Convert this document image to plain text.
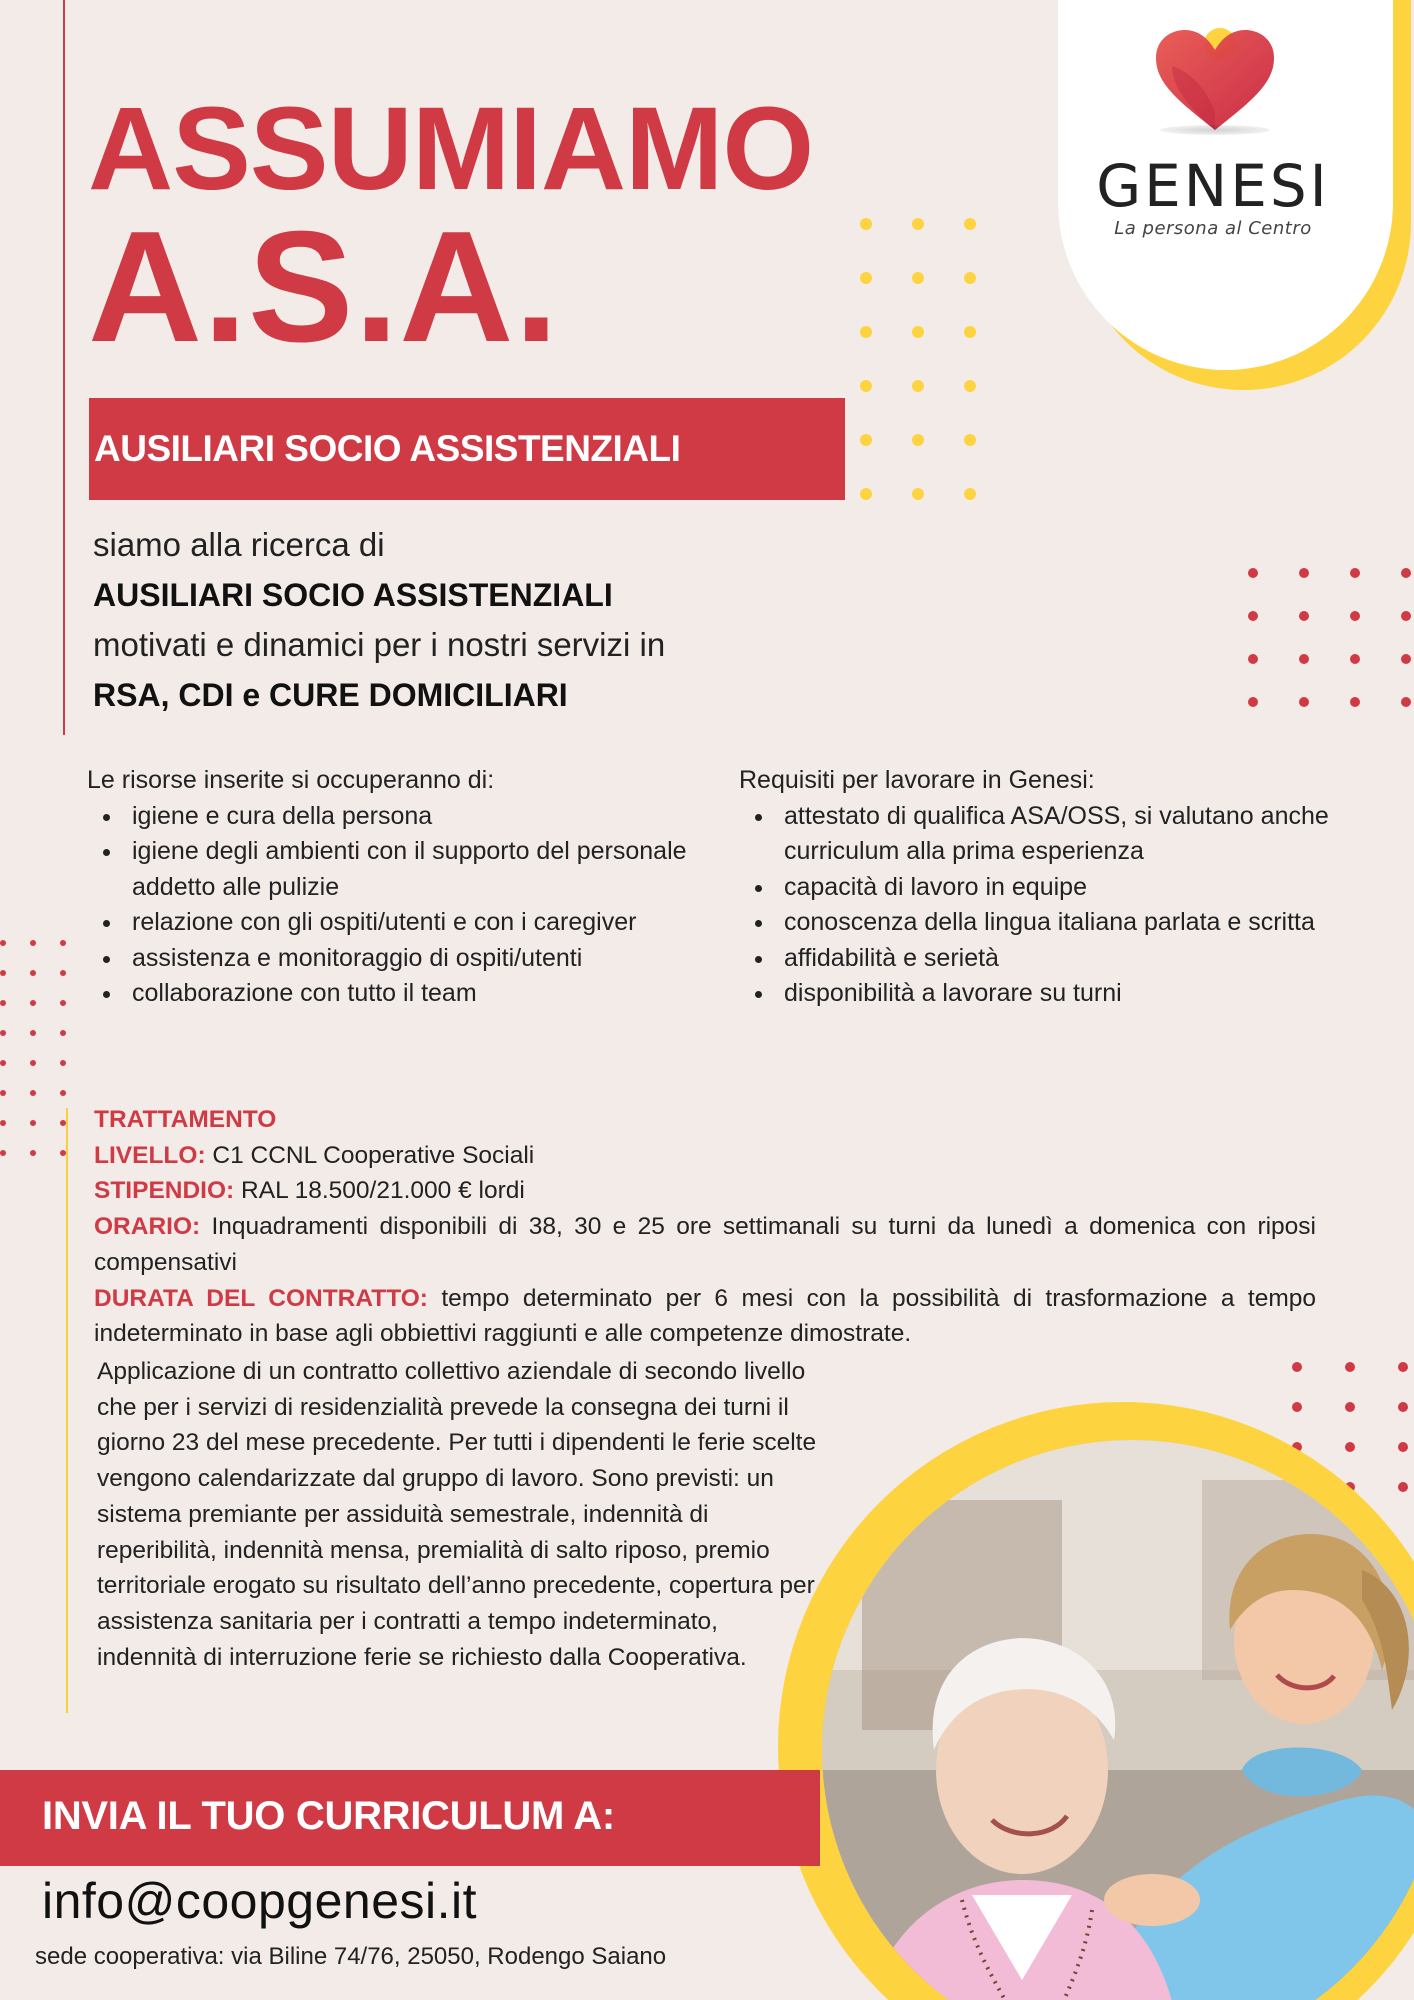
GENESI
La persona al Centro
ASSUMIAMO
A.S.A.
AUSILIARI SOCIO ASSISTENZIALI
siamo alla ricerca di
AUSILIARI SOCIO ASSISTENZIALI
motivati e dinamici per i nostri servizi in
RSA, CDI e CURE DOMICILIARI
Le risorse inserite si occuperanno di:
igiene e cura della persona
igiene degli ambienti con il supporto del personale addetto alle pulizie
relazione con gli ospiti/utenti e con i caregiver
assistenza e monitoraggio di ospiti/utenti
collaborazione con tutto il team
Requisiti per lavorare in Genesi:
attestato di qualifica ASA/OSS, si valutano anche curriculum alla prima esperienza
capacità di lavoro in equipe
conoscenza della lingua italiana parlata e scritta
affidabilità e serietà
disponibilità a lavorare su turni
TRATTAMENTO
LIVELLO: C1 CCNL Cooperative Sociali
STIPENDIO: RAL 18.500/21.000 € lordi
ORARIO: Inquadramenti disponibili di 38, 30 e 25 ore settimanali su turni da lunedì a domenica con riposi compensativi
DURATA DEL CONTRATTO: tempo determinato per 6 mesi con la possibilità di trasformazione a tempo indeterminato in base agli obbiettivi raggiunti e alle competenze dimostrate.
Applicazione di un contratto collettivo aziendale di secondo livello che per i servizi di residenzialità prevede la consegna dei turni il giorno 23 del mese precedente. Per tutti i dipendenti le ferie scelte vengono calendarizzate dal gruppo di lavoro. Sono previsti: un sistema premiante per assiduità semestrale, indennità di reperibilità, indennità mensa, premialità di salto riposo, premio territoriale erogato su risultato dell’anno precedente, copertura per assistenza sanitaria per i contratti a tempo indeterminato, indennità di interruzione ferie se richiesto dalla Cooperativa.
INVIA IL TUO CURRICULUM A:
info@coopgenesi.it
sede cooperativa: via Biline 74/76, 25050, Rodengo Saiano
